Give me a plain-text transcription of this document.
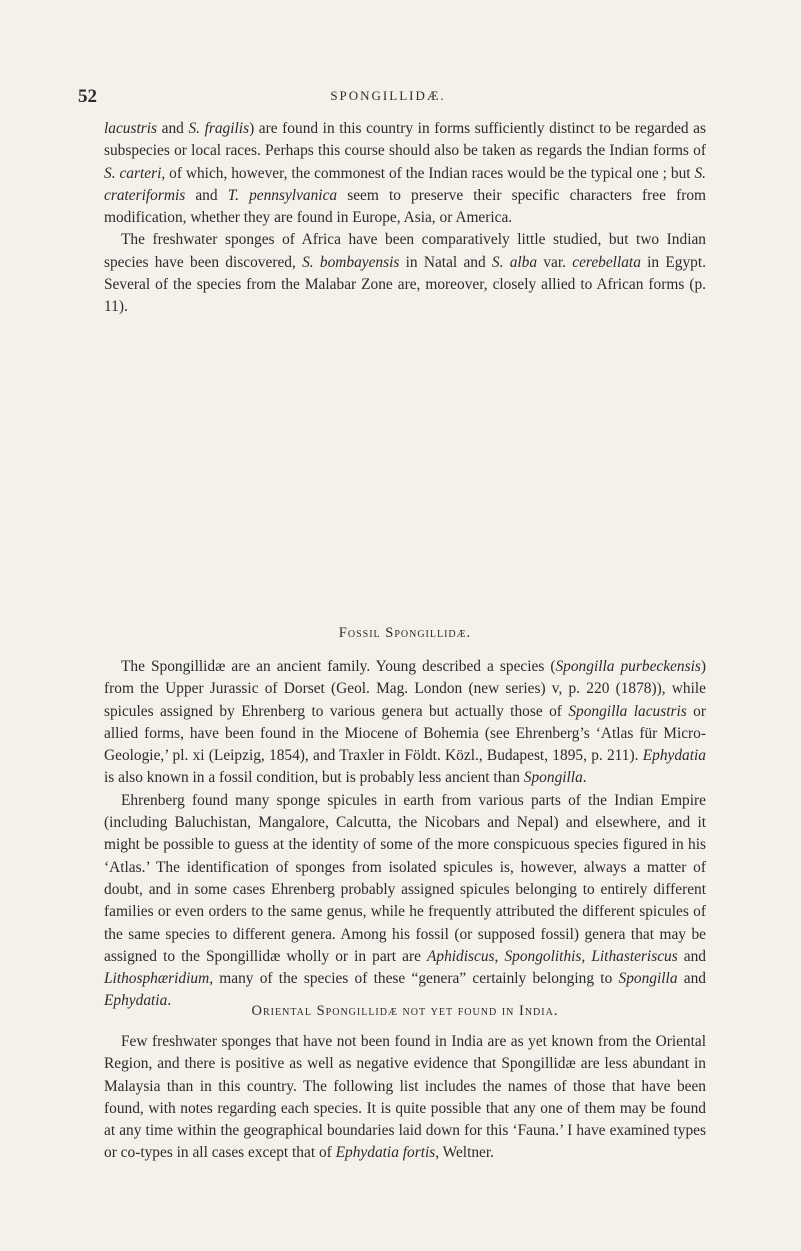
52	SPONGILLIDÆ.

lacustris and S. fragilis) are found in this country in forms sufficiently distinct to be regarded as subspecies or local races. Perhaps this course should also be taken as regards the Indian forms of S. carteri, of which, however, the commonest of the Indian races would be the typical one ; but S. crateriformis and T. pennsylvanica seem to preserve their specific characters free from modification, whether they are found in Europe, Asia, or America.

The freshwater sponges of Africa have been comparatively little studied, but two Indian species have been discovered, S. bombayensis in Natal and S. alba var. cerebellata in Egypt. Several of the species from the Malabar Zone are, moreover, closely allied to African forms (p. 11).

Fossil Spongillidæ.

The Spongillidæ are an ancient family. Young described a species (Spongilla purbeckensis) from the Upper Jurassic of Dorset (Geol. Mag. London (new series) v, p. 220 (1878)), while spicules assigned by Ehrenberg to various genera but actually those of Spongilla lacustris or allied forms, have been found in the Miocene of Bohemia (see Ehrenberg’s ‘Atlas für Micro-Geologie,’ pl. xi (Leipzig, 1854), and Traxler in Földt. Közl., Budapest, 1895, p. 211). Ephydatia is also known in a fossil condition, but is probably less ancient than Spongilla.

Ehrenberg found many sponge spicules in earth from various parts of the Indian Empire (including Baluchistan, Mangalore, Calcutta, the Nicobars and Nepal) and elsewhere, and it might be possible to guess at the identity of some of the more conspicuous species figured in his ‘Atlas.’ The identification of sponges from isolated spicules is, however, always a matter of doubt, and in some cases Ehrenberg probably assigned spicules belonging to entirely different families or even orders to the same genus, while he frequently attributed the different spicules of the same species to different genera. Among his fossil (or supposed fossil) genera that may be assigned to the Spongillidæ wholly or in part are Aphidiscus, Spongolithis, Lithasteriscus and Lithosphæridium, many of the species of these “genera” certainly belonging to Spongilla and Ephydatia.

Oriental Spongillidæ not yet found in India.

Few freshwater sponges that have not been found in India are as yet known from the Oriental Region, and there is positive as well as negative evidence that Spongillidæ are less abundant in Malaysia than in this country. The following list includes the names of those that have been found, with notes regarding each species. It is quite possible that any one of them may be found at any time within the geographical boundaries laid down for this ‘Fauna.’ I have examined types or co-types in all cases except that of Ephydatia fortis, Weltner.
